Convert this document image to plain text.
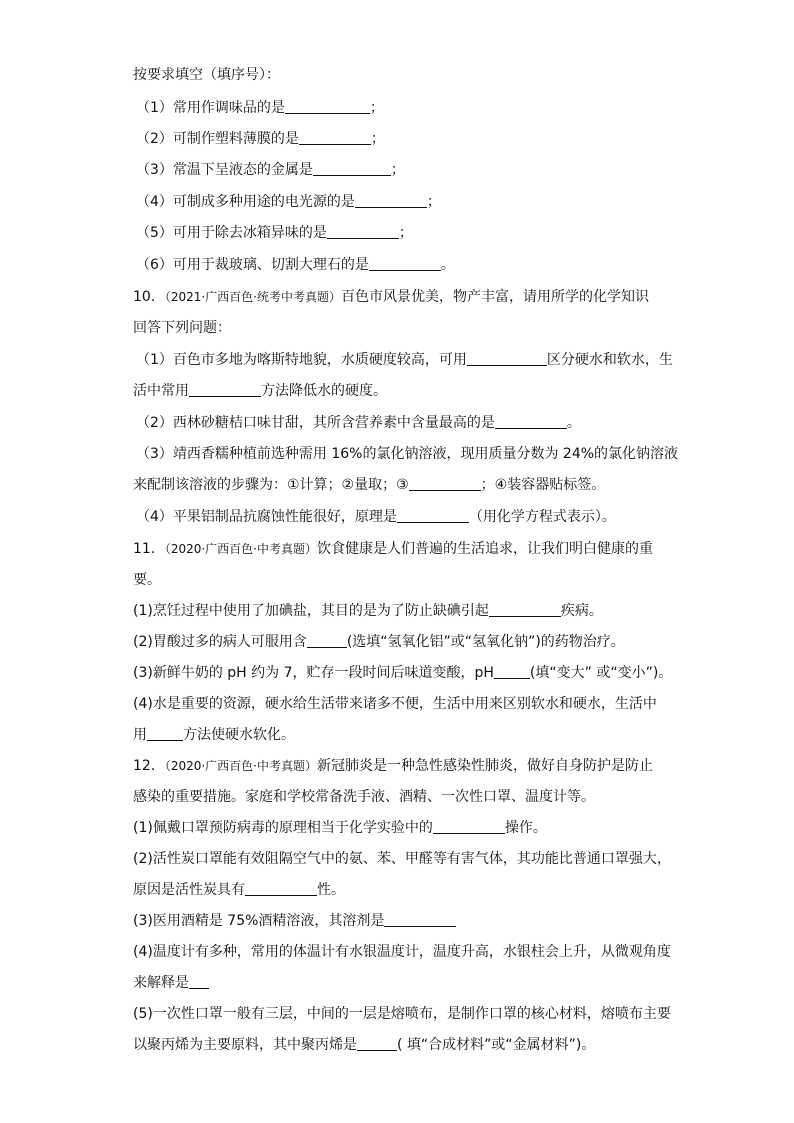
按要求填空（填序号）：
（1）常用作调味品的是	；
（2）可制作塑料薄膜的是	；
（3）常温下呈液态的金属是	；
（4）可制成多种用途的电光源的是	；
（5）可用于除去冰箱异味的是	；
（6）可用于裁玻璃、切割大理石的是	。
10．（2021·广西百色·统考中考真题）百色市风景优美，物产丰富，请用所学的化学知识
回答下列问题：
（1）百色市多地为喀斯特地貌，水质硬度较高，可用	区分硬水和软水，生
活中常用	方法降低水的硬度。
（2）西林砂糖桔口味甘甜，其所含营养素中含量最高的是	。
（3）靖西香糯种植前选种需用 16%的氯化钠溶液，现用质量分数为 24%的氯化钠溶液
来配制该溶液的步骤为：①计算；②量取；③	；④装容器贴标签。
（4）平果铝制品抗腐蚀性能很好，原理是	（用化学方程式表示）。
11．（2020·广西百色·中考真题）饮食健康是人们普遍的生活追求，让我们明白健康的重
要。
(1)烹饪过程中使用了加碘盐，其目的是为了防止缺碘引起	疾病。
(2)胃酸过多的病人可服用含	(选填“氢氧化铝”或“氢氧化钠”)的药物治疗。
(3)新鲜牛奶的 pH 约为 7，贮存一段时间后味道变酸，pH	(填“变大” 或“变小”)。
(4)水是重要的资源，硬水给生活带来诸多不便，生活中用来区别软水和硬水，生活中
用	方法使硬水软化。
12．（2020·广西百色·中考真题）新冠肺炎是一种急性感染性肺炎，做好自身防护是防止
感染的重要措施。家庭和学校常备洗手液、酒精、一次性口罩、温度计等。
(1)佩戴口罩预防病毒的原理相当于化学实验中的	操作。
(2)活性炭口罩能有效阻隔空气中的氨、苯、甲醛等有害气体，其功能比普通口罩强大，
原因是活性炭具有	性。
(3)医用酒精是 75%酒精溶液，其溶剂是
(4)温度计有多种，常用的体温计有水银温度计，温度升高，水银柱会上升，从微观角度
来解释是
(5)一次性口罩一般有三层，中间的一层是熔喷布，是制作口罩的核心材料，熔喷布主要
以聚丙烯为主要原料，其中聚丙烯是	( 填“合成材料”或“金属材料”)。
